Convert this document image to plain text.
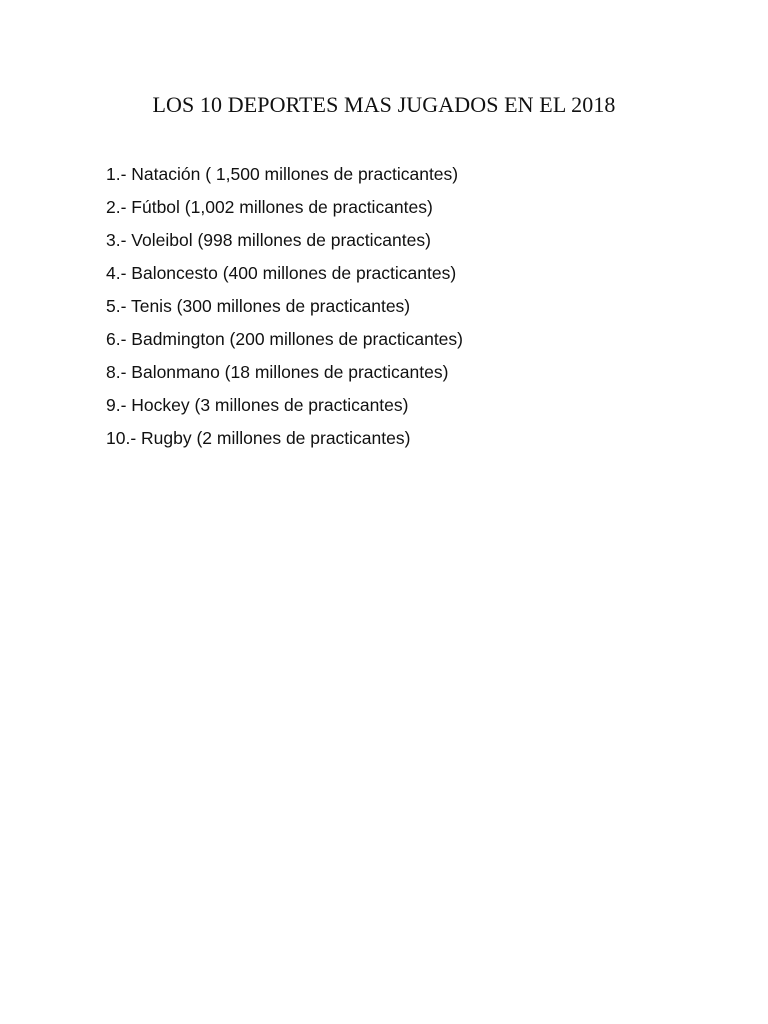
LOS 10 DEPORTES MAS JUGADOS EN EL 2018
1.- Natación ( 1,500 millones de practicantes)
2.- Fútbol (1,002 millones de practicantes)
3.- Voleibol (998 millones de practicantes)
4.- Baloncesto (400 millones de practicantes)
5.- Tenis (300 millones de practicantes)
6.- Badmington (200 millones de practicantes)
8.- Balonmano (18 millones de practicantes)
9.- Hockey (3 millones de practicantes)
10.- Rugby (2 millones de practicantes)
